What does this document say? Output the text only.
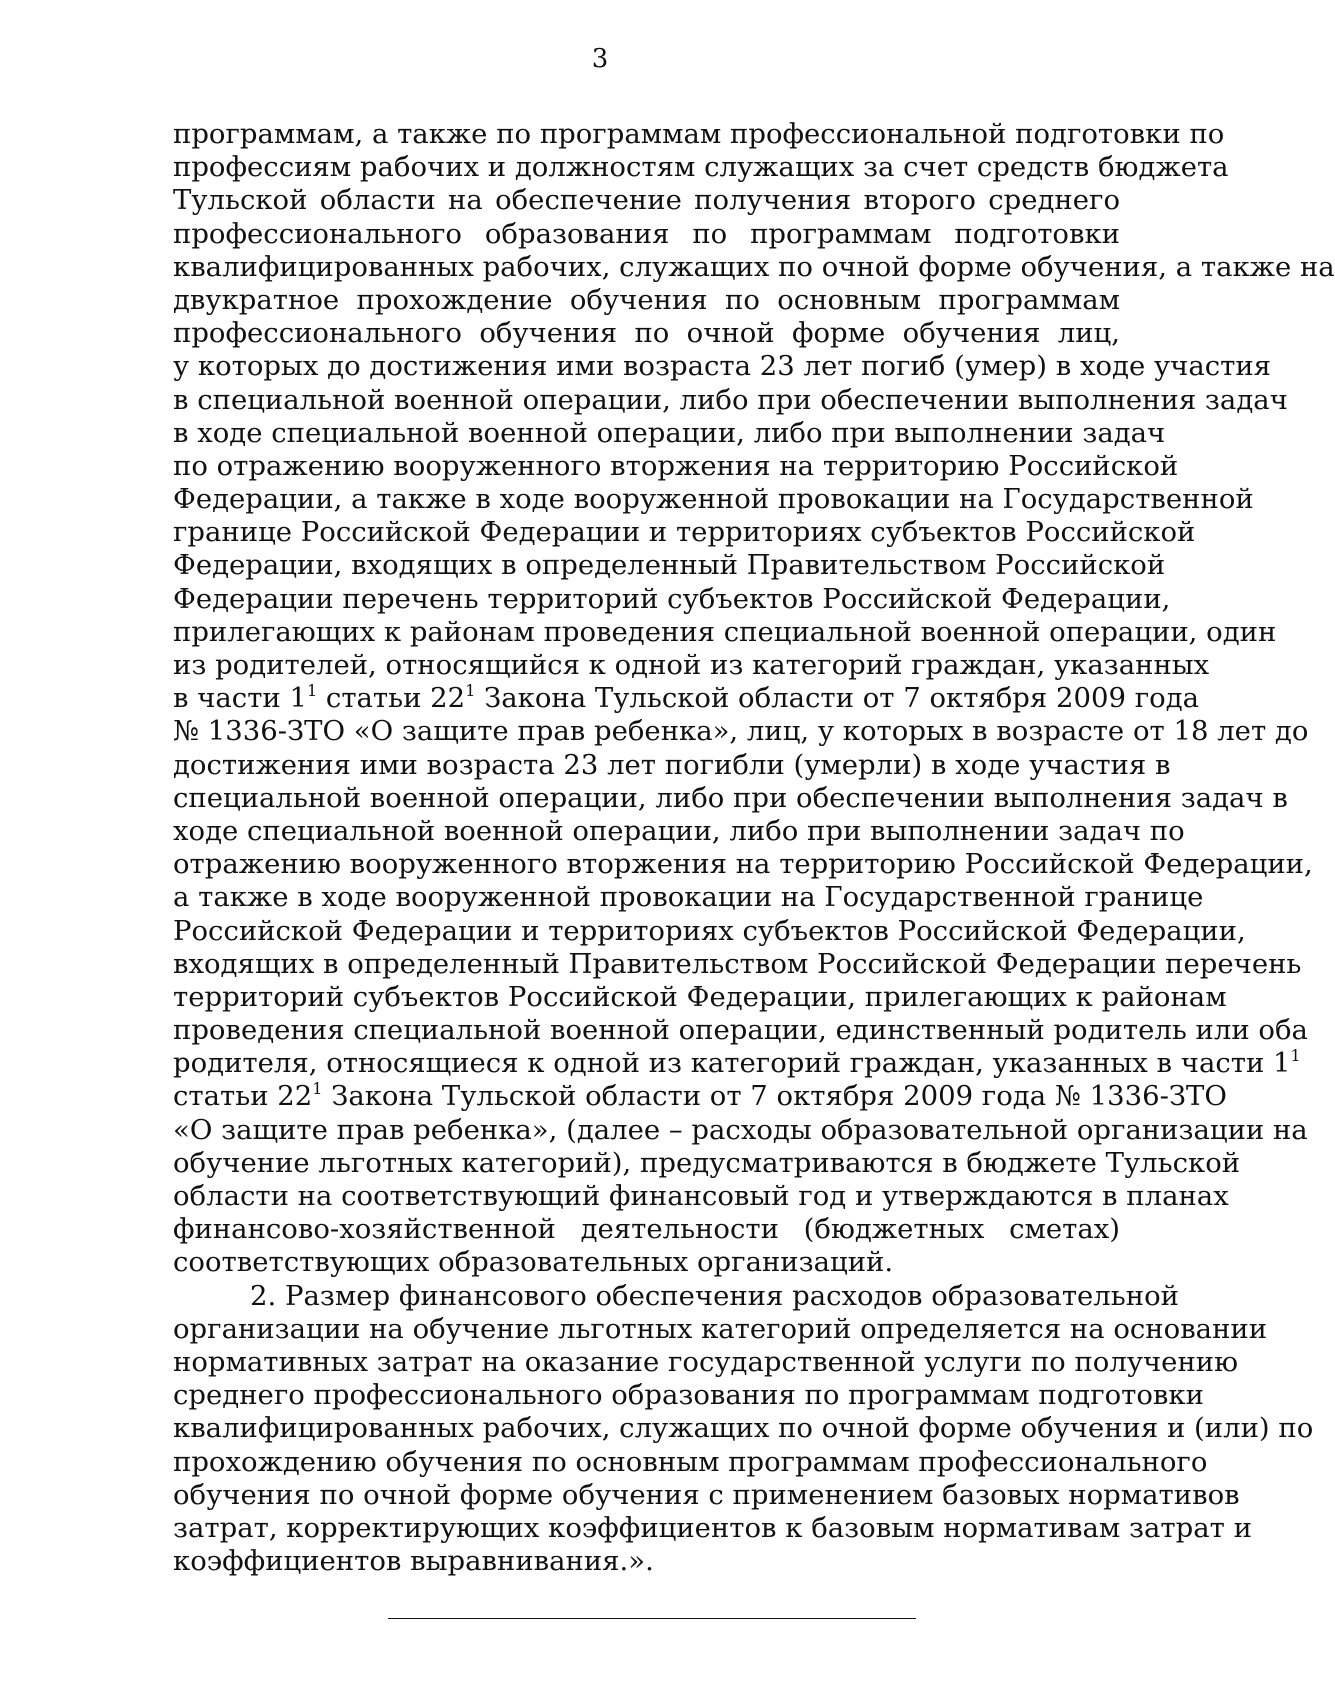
3
программам, а также по программам профессиональной подготовки по
профессиям рабочих и должностям служащих за счет средств бюджета
Тульской области на обеспечение получения второго среднего
профессионального образования по программам подготовки
квалифицированных рабочих, служащих по очной форме обучения, а также на
двукратное прохождение обучения по основным программам
профессионального обучения по очной форме обучения лиц,
у которых до достижения ими возраста 23 лет погиб (умер) в ходе участия
в специальной военной операции, либо при обеспечении выполнения задач
в ходе специальной военной операции, либо при выполнении задач
по отражению вооруженного вторжения на территорию Российской
Федерации, а также в ходе вооруженной провокации на Государственной
границе Российской Федерации и территориях субъектов Российской
Федерации, входящих в определенный Правительством Российской
Федерации перечень территорий субъектов Российской Федерации,
прилегающих к районам проведения специальной военной операции, один
из родителей, относящийся к одной из категорий граждан, указанных
в части $1^1$ статьи $22^1$ Закона Тульской области от 7 октября 2009 года
№ 1336-ЗТО «О защите прав ребенка», лиц, у которых в возрасте от 18 лет до
достижения ими возраста 23 лет погибли (умерли) в ходе участия в
специальной военной операции, либо при обеспечении выполнения задач в
ходе специальной военной операции, либо при выполнении задач по
отражению вооруженного вторжения на территорию Российской Федерации,
а также в ходе вооруженной провокации на Государственной границе
Российской Федерации и территориях субъектов Российской Федерации,
входящих в определенный Правительством Российской Федерации перечень
территорий субъектов Российской Федерации, прилегающих к районам
проведения специальной военной операции, единственный родитель или оба
родителя, относящиеся к одной из категорий граждан, указанных в части $1^1$
статьи $22^1$ Закона Тульской области от 7 октября 2009 года № 1336-ЗТО
«О защите прав ребенка», (далее – расходы образовательной организации на
обучение льготных категорий), предусматриваются в бюджете Тульской
области на соответствующий финансовый год и утверждаются в планах
финансово-хозяйственной деятельности (бюджетных сметах)
соответствующих образовательных организаций.
2. Размер финансового обеспечения расходов образовательной
организации на обучение льготных категорий определяется на основании
нормативных затрат на оказание государственной услуги по получению
среднего профессионального образования по программам подготовки
квалифицированных рабочих, служащих по очной форме обучения и (или) по
прохождению обучения по основным программам профессионального
обучения по очной форме обучения с применением базовых нормативов
затрат, корректирующих коэффициентов к базовым нормативам затрат и
коэффициентов выравнивания.».
